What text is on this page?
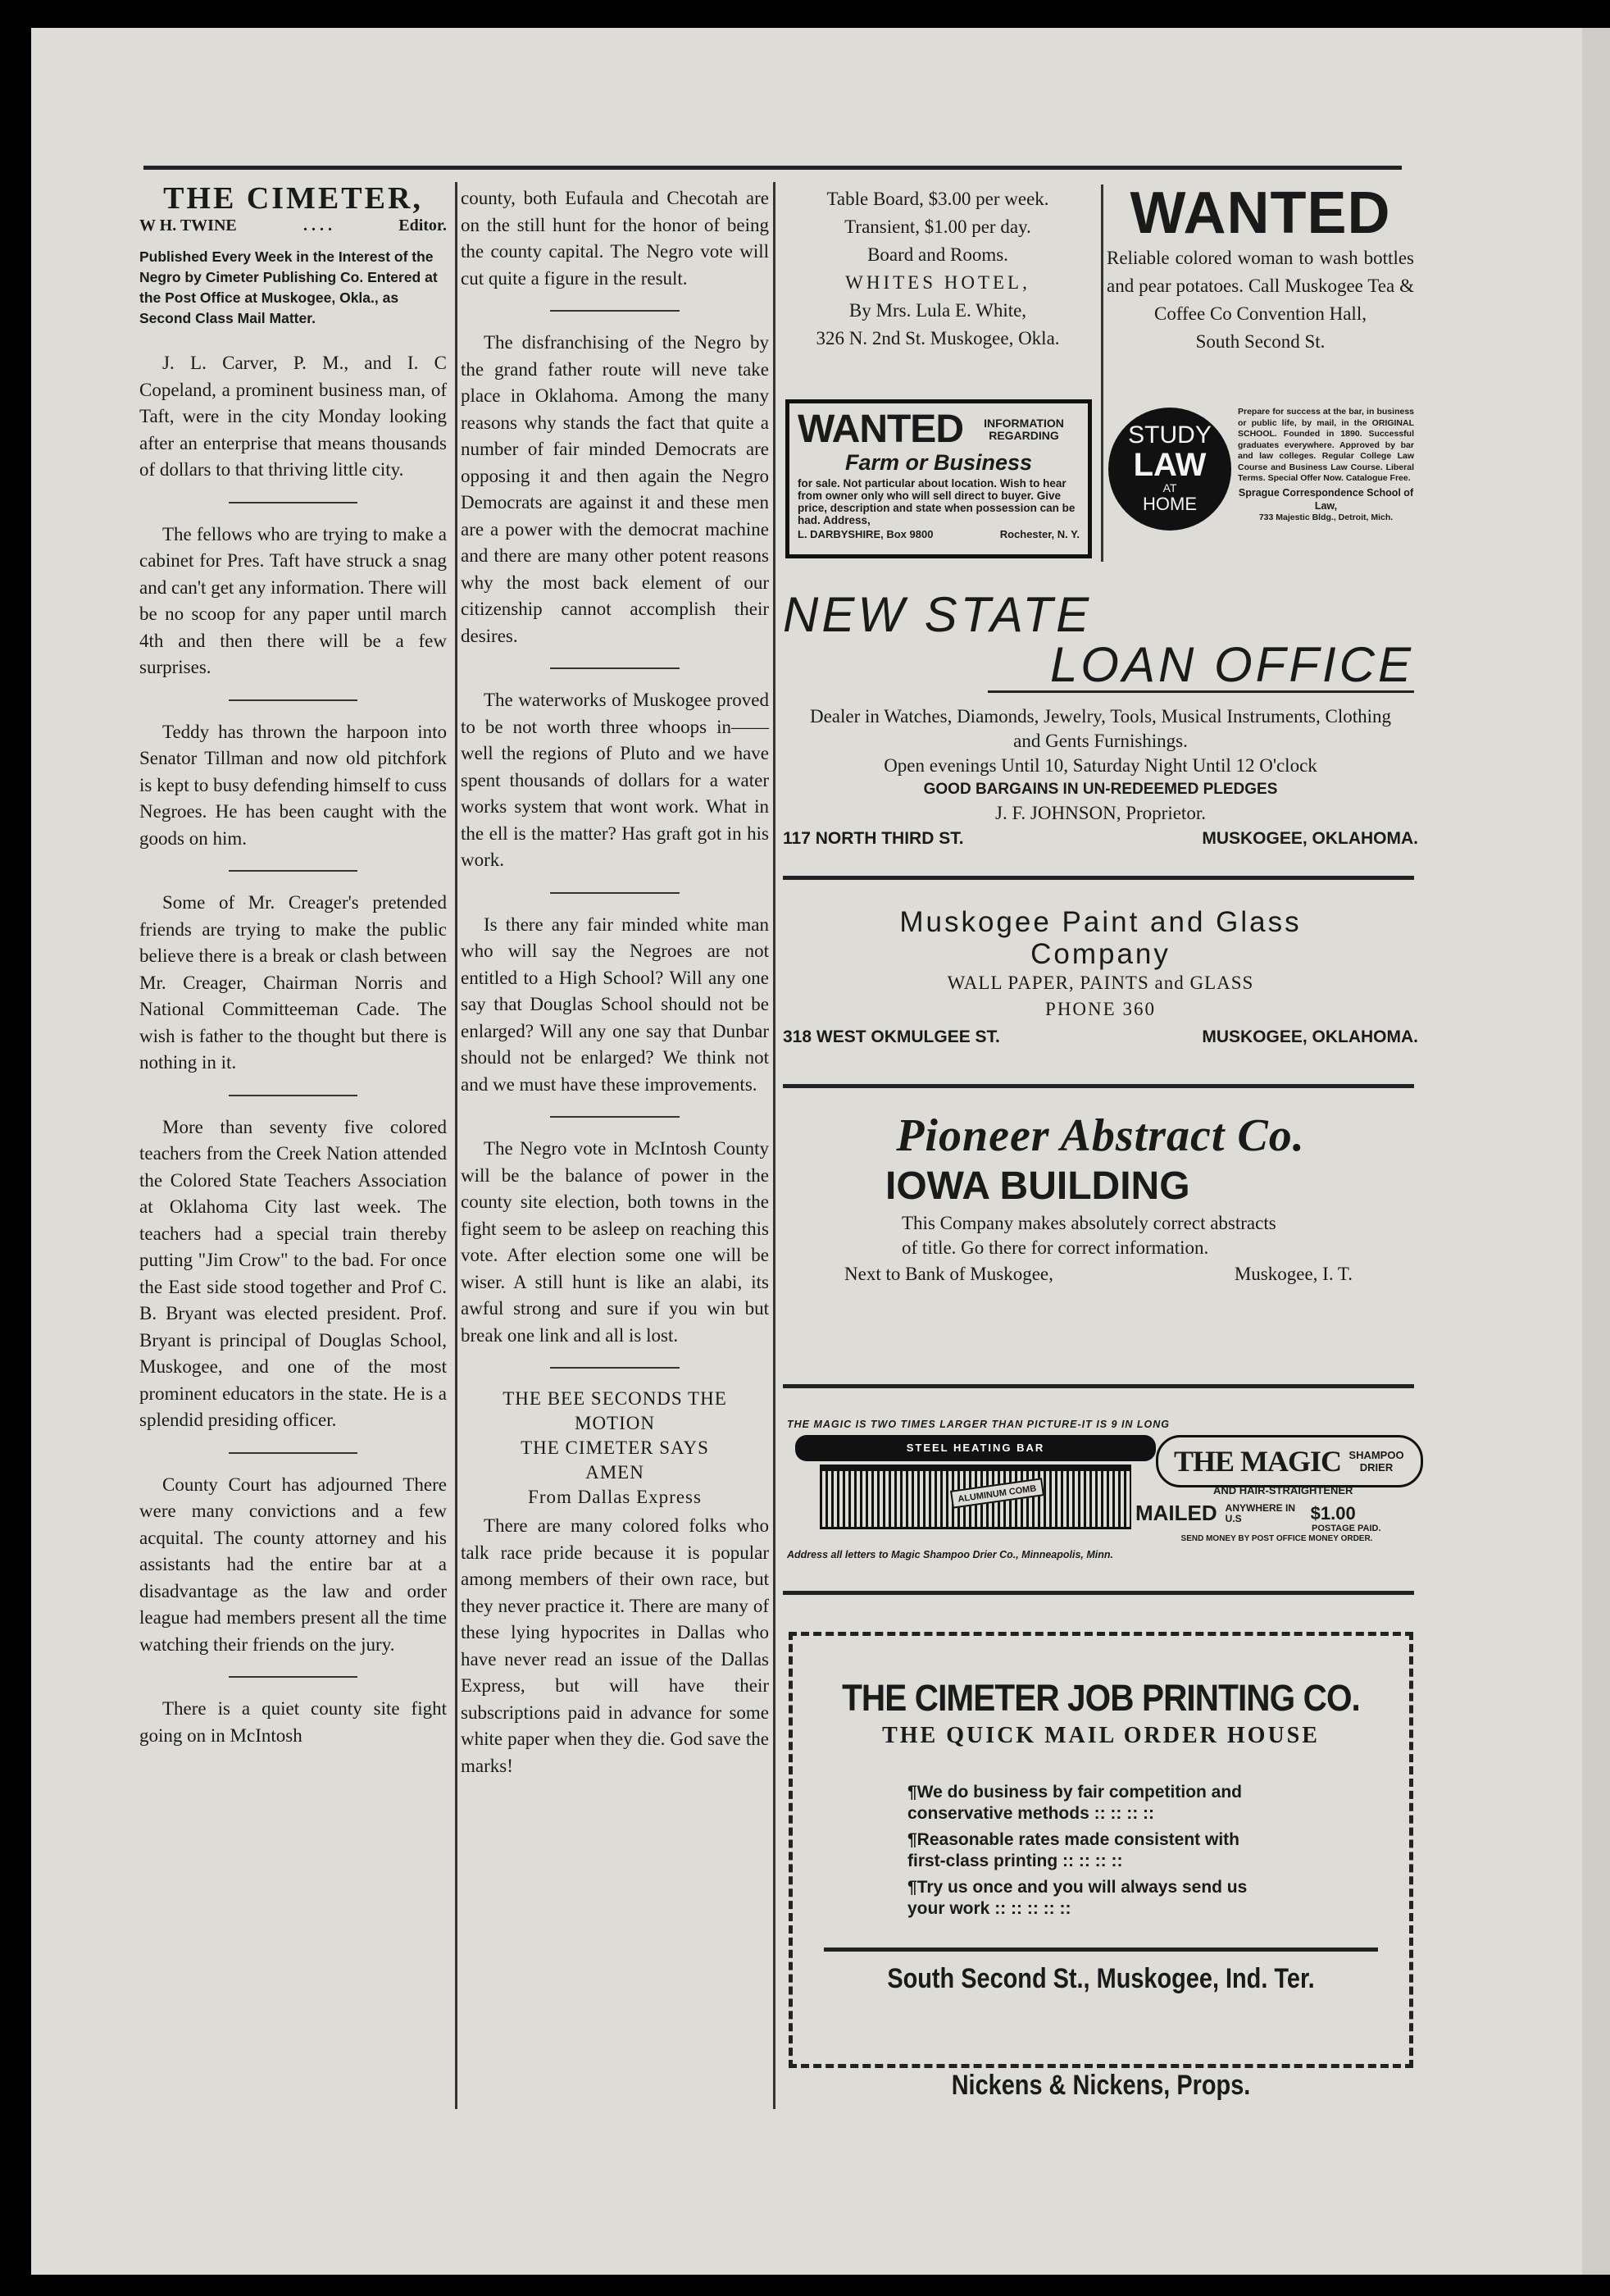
THE CIMETER,
W H. TWINE	. . . .	Editor.
Published Every Week in the Interest of the Negro by Cimeter Publishing Co. Entered at the Post Office at Muskogee, Okla., as Second Class Mail Matter.

J. L. Carver, P. M., and I. C Copeland, a prominent business man, of Taft, were in the city Monday looking after an enterprise that means thousands of dollars to that thriving little city.

The fellows who are trying to make a cabinet for Pres. Taft have struck a snag and can't get any information. There will be no scoop for any paper until march 4th and then there will be a few surprises.

Teddy has thrown the harpoon into Senator Tillman and now old pitchfork is kept to busy defending himself to cuss Negroes. He has been caught with the goods on him.

Some of Mr. Creager's pretended friends are trying to make the public believe there is a break or clash between Mr. Creager, Chairman Norris and National Committeeman Cade. The wish is father to the thought but there is nothing in it.

More than seventy five colored teachers from the Creek Nation attended the Colored State Teachers Association at Oklahoma City last week. The teachers had a special train thereby putting "Jim Crow" to the bad. For once the East side stood together and Prof C. B. Bryant was elected president. Prof. Bryant is principal of Douglas School, Muskogee, and one of the most prominent educators in the state. He is a splendid presiding officer.

County Court has adjourned There were many convictions and a few acquital. The county attorney and his assistants had the entire bar at a disadvantage as the law and order league had members present all the time watching their friends on the jury.

There is a quiet county site fight going on in McIntosh

county, both Eufaula and Checotah are on the still hunt for the honor of being the county capital. The Negro vote will cut quite a figure in the result.

The disfranchising of the Negro by the grand father route will neve take place in Oklahoma. Among the many reasons why stands the fact that quite a number of fair minded Democrats are opposing it and then again the Negro Democrats are against it and these men are a power with the democrat machine and there are many other potent reasons why the most back element of our citizenship cannot accomplish their desires.

The waterworks of Muskogee proved to be not worth three whoops in——well the regions of Pluto and we have spent thousands of dollars for a water works system that wont work. What in the ell is the matter? Has graft got in his work.

Is there any fair minded white man who will say the Negroes are not entitled to a High School? Will any one say that Douglas School should not be enlarged? Will any one say that Dunbar should not be enlarged? We think not and we must have these improvements.

The Negro vote in McIntosh County will be the balance of power in the county site election, both towns in the fight seem to be asleep on reaching this vote. After election some one will be wiser. A still hunt is like an alabi, its awful strong and sure if you win but break one link and all is lost.

THE BEE SECONDS THE
MOTION
THE CIMETER SAYS
AMEN
From Dallas Express

There are many colored folks who talk race pride because it is popular among members of their own race, but they never practice it. There are many of these lying hypocrites in Dallas who have never read an issue of the Dallas Express, but will have their subscriptions paid in advance for some white paper when they die. God save the marks!

Table Board, $3.00 per week.
Transient, $1.00 per day.
Board and Rooms.
WHITES HOTEL,
By Mrs. Lula E. White,
326 N. 2nd St. Muskogee, Okla.
WANTED	INFORMATION REGARDING
Farm or Business
for sale. Not particular about location. Wish to hear from owner only who will sell direct to buyer. Give price, description and state when possession can be had. Address,
L. DARBYSHIRE, Box 9800	Rochester, N. Y.
WANTED
Reliable colored woman to wash bottles and pear potatoes. Call Muskogee Tea & Coffee Co Convention Hall,
South Second St.
STUDY
LAW
AT
HOME
Prepare for success at the bar, in business or public life, by mail, in the ORIGINAL SCHOOL. Founded in 1890. Successful graduates everywhere. Approved by bar and law colleges. Regular College Law Course and Business Law Course. Liberal Terms. Special Offer Now. Catalogue Free.
Sprague Correspondence School of Law,
733 Majestic Bldg., Detroit, Mich.
NEW STATE
LOAN OFFICE
Dealer in Watches, Diamonds, Jewelry, Tools, Musical Instruments, Clothing and Gents Furnishings.
Open evenings Until 10, Saturday Night Until 12 O'clock
GOOD BARGAINS IN UN-REDEEMED PLEDGES
J. F. JOHNSON, Proprietor.
117 NORTH THIRD ST.	MUSKOGEE, OKLAHOMA.
Muskogee Paint and Glass
Company
WALL PAPER, PAINTS and GLASS
PHONE 360
318 WEST OKMULGEE ST.	MUSKOGEE, OKLAHOMA.
Pioneer Abstract Co.
IOWA BUILDING
This Company makes absolutely correct abstracts of title. Go there for correct information.
Next to Bank of Muskogee,	Muskogee, I. T.
THE MAGIC IS TWO TIMES LARGER THAN PICTURE-IT IS 9 IN LONG
STEEL HEATING BAR
ALUMINUM COMB
THE MAGIC SHAMPOO DRIER
AND HAIR-STRAIGHTENER
MAILED ANYWHERE IN U.S	$1.00
POSTAGE PAID.
SEND MONEY BY POST OFFICE MONEY ORDER.
Address all letters to Magic Shampoo Drier Co., Minneapolis, Minn.
THE CIMETER JOB PRINTING CO.
THE QUICK MAIL ORDER HOUSE
¶We do business by fair competition and conservative methods :: :: :: ::
¶Reasonable rates made consistent with first-class printing :: :: :: ::
¶Try us once and you will always send us your work :: :: :: :: ::
South Second St., Muskogee, Ind. Ter.
Nickens & Nickens, Props.
